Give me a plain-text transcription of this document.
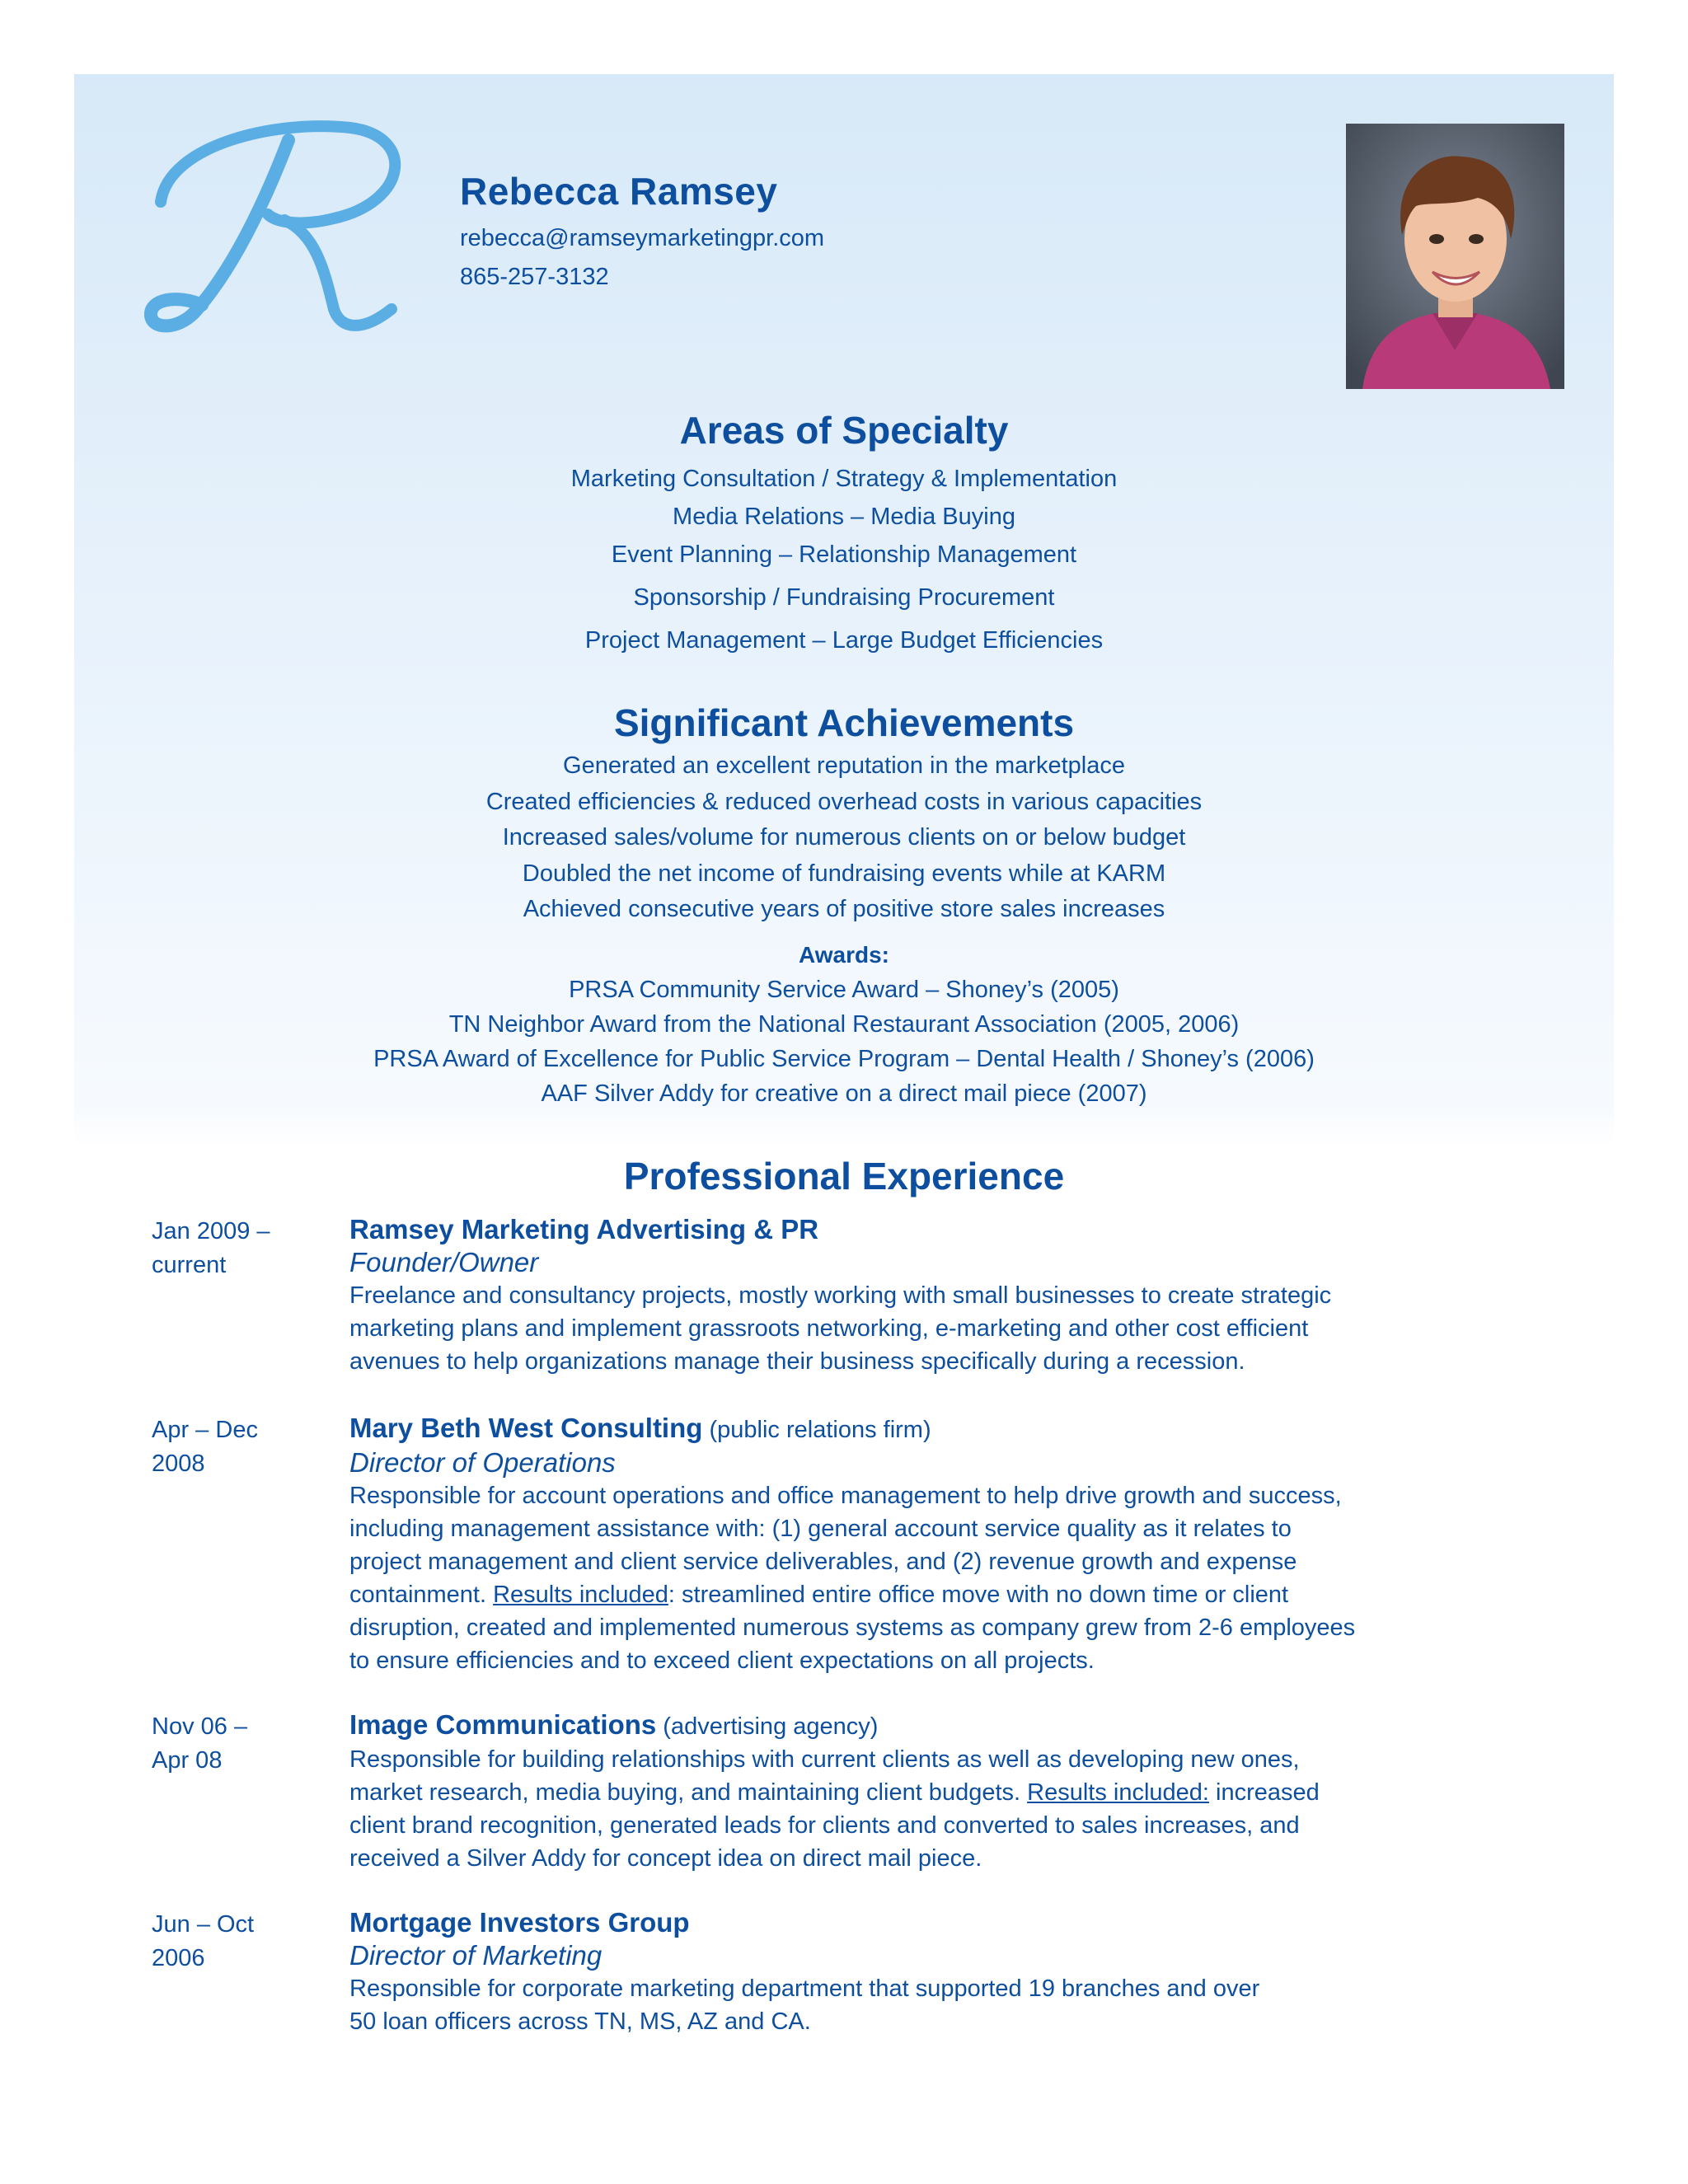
Rebecca Ramsey
rebecca@ramseymarketingpr.com
865-257-3132
Areas of Specialty
Marketing Consultation / Strategy & Implementation
Media Relations – Media Buying
Event Planning – Relationship Management
Sponsorship / Fundraising Procurement
Project Management – Large Budget Efficiencies
Significant Achievements
Generated an excellent reputation in the marketplace
Created efficiencies & reduced overhead costs in various capacities
Increased sales/volume for numerous clients on or below budget
Doubled the net income of fundraising events while at KARM
Achieved consecutive years of positive store sales increases
Awards:
PRSA Community Service Award – Shoney’s (2005)
TN Neighbor Award from the National Restaurant Association (2005, 2006)
PRSA Award of Excellence for Public Service Program – Dental Health / Shoney’s (2006)
AAF Silver Addy for creative on a direct mail piece (2007)
Professional Experience
Jan 2009 –
current
Ramsey Marketing Advertising & PR
Founder/Owner
Freelance and consultancy projects, mostly working with small businesses to create strategic
marketing plans and implement grassroots networking, e-marketing and other cost efficient
avenues to help organizations manage their business specifically during a recession.
Apr – Dec
2008
Mary Beth West Consulting (public relations firm)
Director of Operations
Responsible for account operations and office management to help drive growth and success,
including management assistance with: (1) general account service quality as it relates to
project management and client service deliverables, and (2) revenue growth and expense
containment. Results included: streamlined entire office move with no down time or client
disruption, created and implemented numerous systems as company grew from 2-6 employees
to ensure efficiencies and to exceed client expectations on all projects.
Nov 06 –
Apr 08
Image Communications (advertising agency)
Responsible for building relationships with current clients as well as developing new ones,
market research, media buying, and maintaining client budgets. Results included: increased
client brand recognition, generated leads for clients and converted to sales increases, and
received a Silver Addy for concept idea on direct mail piece.
Jun – Oct
2006
Mortgage Investors Group
Director of Marketing
Responsible for corporate marketing department that supported 19 branches and over
50 loan officers across TN, MS, AZ and CA.
